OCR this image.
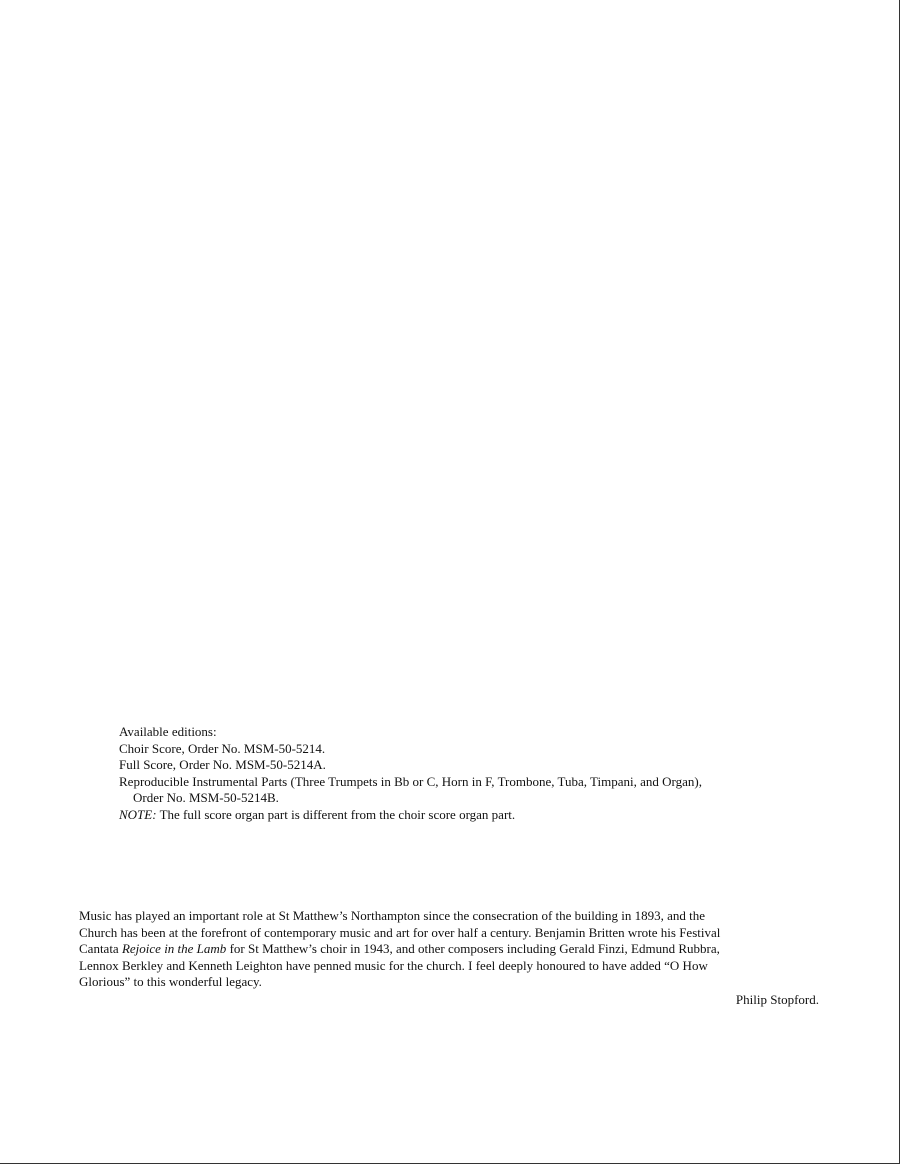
Available editions:
Choir Score, Order No. MSM-50-5214.
Full Score, Order No. MSM-50-5214A.
Reproducible Instrumental Parts (Three Trumpets in Bb or C, Horn in F, Trombone, Tuba, Timpani, and Organ),
Order No. MSM-50-5214B.
NOTE: The full score organ part is different from the choir score organ part.
Music has played an important role at St Matthew’s Northampton since the consecration of the building in 1893, and the
Church has been at the forefront of contemporary music and art for over half a century. Benjamin Britten wrote his Festival
Cantata Rejoice in the Lamb for St Matthew’s choir in 1943, and other composers including Gerald Finzi, Edmund Rubbra,
Lennox Berkley and Kenneth Leighton have penned music for the church. I feel deeply honoured to have added “O How
Glorious” to this wonderful legacy.
Philip Stopford.
